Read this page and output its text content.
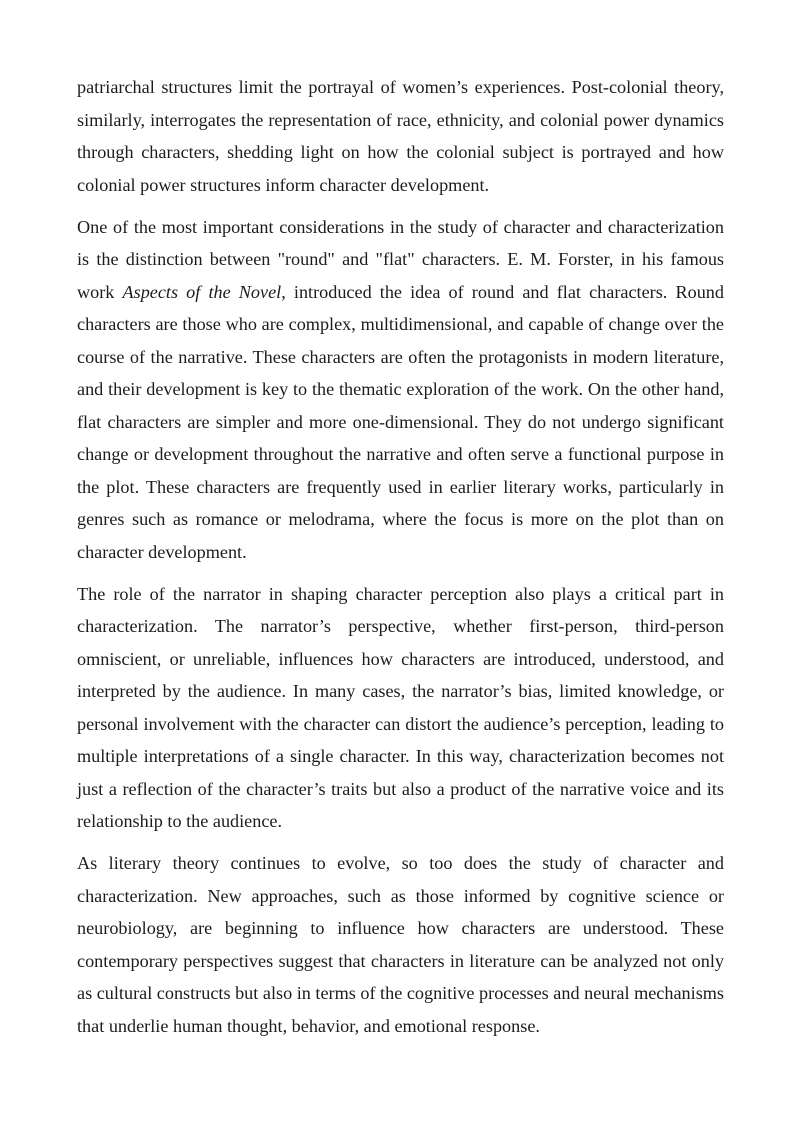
patriarchal structures limit the portrayal of women’s experiences. Post-colonial theory, similarly, interrogates the representation of race, ethnicity, and colonial power dynamics through characters, shedding light on how the colonial subject is portrayed and how colonial power structures inform character development.

One of the most important considerations in the study of character and characterization is the distinction between "round" and "flat" characters. E. M. Forster, in his famous work Aspects of the Novel, introduced the idea of round and flat characters. Round characters are those who are complex, multidimensional, and capable of change over the course of the narrative. These characters are often the protagonists in modern literature, and their development is key to the thematic exploration of the work. On the other hand, flat characters are simpler and more one-dimensional. They do not undergo significant change or development throughout the narrative and often serve a functional purpose in the plot. These characters are frequently used in earlier literary works, particularly in genres such as romance or melodrama, where the focus is more on the plot than on character development.

The role of the narrator in shaping character perception also plays a critical part in characterization. The narrator’s perspective, whether first-person, third-person omniscient, or unreliable, influences how characters are introduced, understood, and interpreted by the audience. In many cases, the narrator’s bias, limited knowledge, or personal involvement with the character can distort the audience’s perception, leading to multiple interpretations of a single character. In this way, characterization becomes not just a reflection of the character’s traits but also a product of the narrative voice and its relationship to the audience.

As literary theory continues to evolve, so too does the study of character and characterization. New approaches, such as those informed by cognitive science or neurobiology, are beginning to influence how characters are understood. These contemporary perspectives suggest that characters in literature can be analyzed not only as cultural constructs but also in terms of the cognitive processes and neural mechanisms that underlie human thought, behavior, and emotional response.
